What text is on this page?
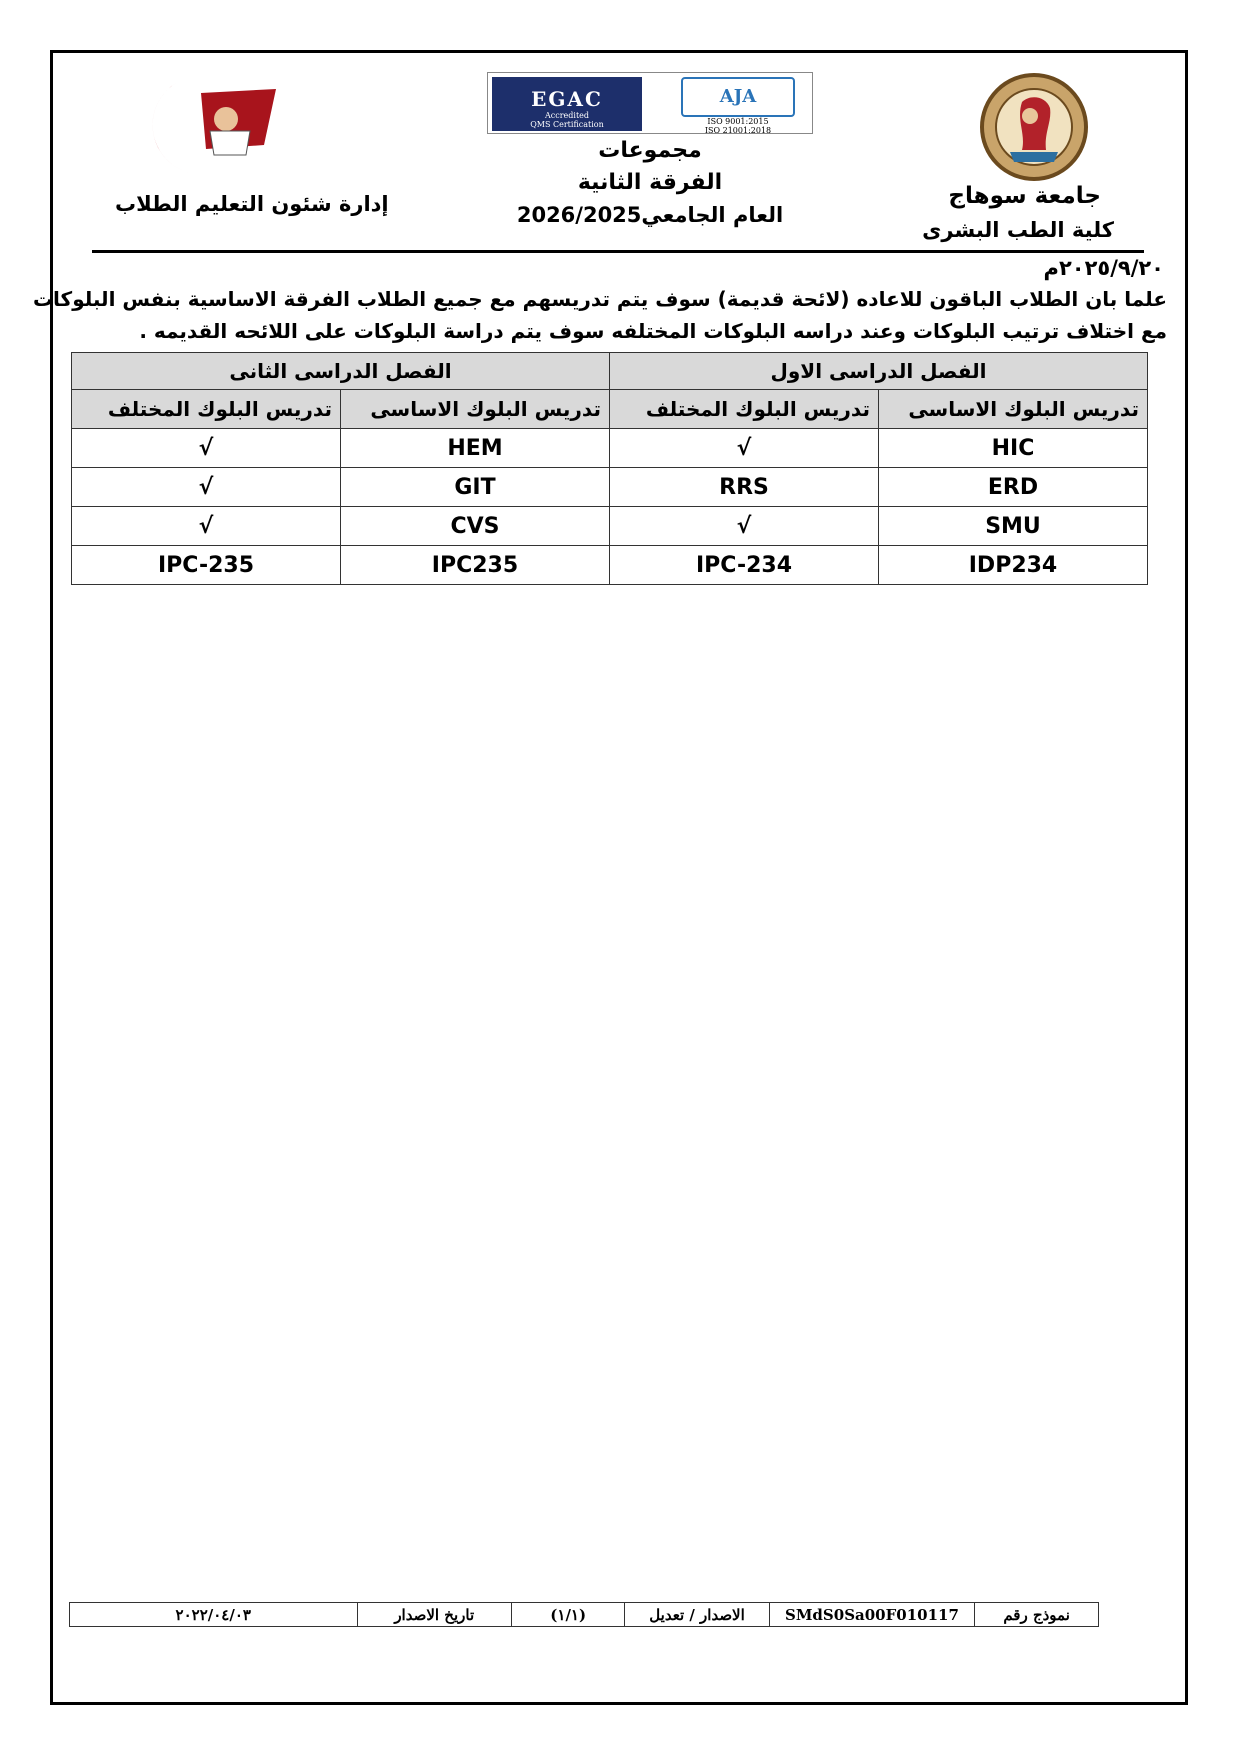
EGAC
Accredited
QMS Certification
AJA
ISO 9001:2015
ISO 21001:2018
مجموعات
الفرقة الثانية
العام الجامعي2026/2025
جامعة سوهاج
كلية الطب البشرى
إدارة شئون التعليم الطلاب
٢٠٢٥/٩/٢٠م
علما بان الطلاب الباقون للاعاده (لائحة قديمة) سوف يتم تدريسهم مع جميع الطلاب الفرقة الاساسية بنفس البلوكات
مع اختلاف ترتيب البلوكات وعند دراسه البلوكات المختلفه سوف يتم دراسة البلوكات على اللائحه القديمه .
الفصل الدراسى الاول		الفصل الدراسى الثانى	
تدريس البلوك الاساسى	تدريس البلوك المختلف	تدريس البلوك الاساسى	تدريس البلوك المختلف
HIC	√	HEM	√
ERD	RRS	GIT	√
SMU	√	CVS	√
IDP234	IPC-234	IPC235	IPC-235
نموذج رقم	SMdS0Sa00F010117	الاصدار / تعديل	(١/١)	تاريخ الاصدار	٢٠٢٢/٠٤/٠٣
